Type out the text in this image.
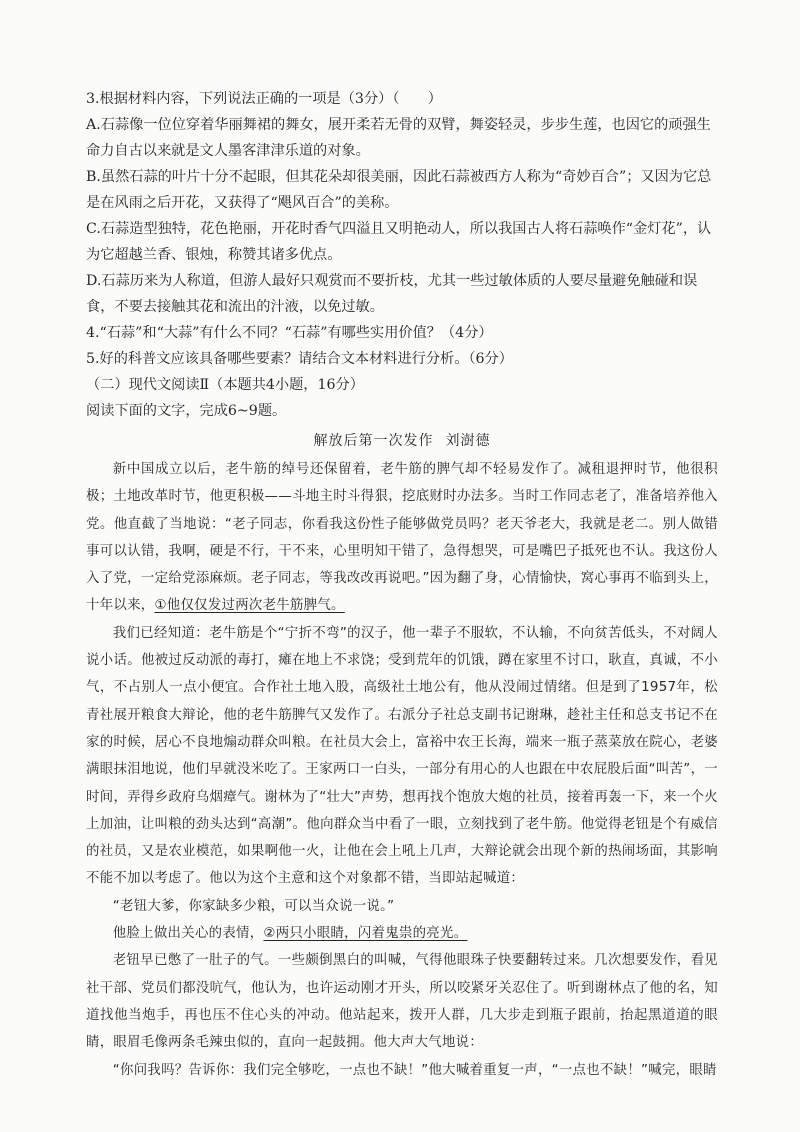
3.根据材料内容，下列说法正确的一项是（3分）（　　）

A.石蒜像一位位穿着华丽舞裙的舞女，展开柔若无骨的双臂，舞姿轻灵，步步生莲，也因它的顽强生命力自古以来就是文人墨客津津乐道的对象。

B.虽然石蒜的叶片十分不起眼，但其花朵却很美丽，因此石蒜被西方人称为“奇妙百合”；又因为它总是在风雨之后开花，又获得了“飓风百合”的美称。

C.石蒜造型独特，花色艳丽，开花时香气四溢且又明艳动人，所以我国古人将石蒜唤作“金灯花”，认为它超越兰香、银烛，称赞其诸多优点。

D.石蒜历来为人称道，但游人最好只观赏而不要折枝，尤其一些过敏体质的人要尽量避免触碰和误食，不要去接触其花和流出的汁液，以免过敏。

4.“石蒜”和“大蒜”有什么不同？“石蒜”有哪些实用价值？（4分）

5.好的科普文应该具备哪些要素？请结合文本材料进行分析。（6分）

（二）现代文阅读Ⅱ（本题共4小题，16分）

阅读下面的文字，完成6~9题。

解放后第一次发作 刘澍德

新中国成立以后，老牛筋的绰号还保留着，老牛筋的脾气却不轻易发作了。减租退押时节，他很积极；土地改革时节，他更积极——斗地主时斗得狠，挖底财时办法多。当时工作同志老了，准备培养他入党。他直截了当地说：“老子同志，你看我这份性子能够做党员吗？老天爷老大，我就是老二。别人做错事可以认错，我啊，硬是不行，干不来，心里明知干错了，急得想哭，可是嘴巴子抵死也不认。我这份人入了党，一定给党添麻烦。老子同志，等我改改再说吧。”因为翻了身，心情愉快，窝心事再不临到头上，十年以来，①他仅仅发过两次老牛筋脾气。

我们已经知道：老牛筋是个“宁折不弯”的汉子，他一辈子不服软，不认输，不向贫苦低头，不对阔人说小话。他被过反动派的毒打，瘫在地上不求饶；受到荒年的饥饿，蹲在家里不讨口，耿直，真诚，不小气，不占别人一点小便宜。合作社土地入股，高级社土地公有，他从没闹过情绪。但是到了1957年，松青社展开粮食大辩论，他的老牛筋脾气又发作了。右派分子社总支副书记谢琳，趁社主任和总支书记不在家的时候，居心不良地煽动群众叫粮。在社员大会上，富裕中农王长海，端来一瓶子蒸菜放在院心，老婆满眼抹泪地说，他们早就没米吃了。王家两口一白头，一部分有用心的人也跟在中农屁股后面“叫苦”，一时间，弄得乡政府乌烟瘴气。谢林为了“壮大”声势，想再找个饱放大炮的社员，接着再轰一下，来一个火上加油，让叫粮的劲头达到“高潮”。他向群众当中看了一眼，立刻找到了老牛筋。他觉得老钮是个有威信的社员，又是农业模范，如果啊他一火，让他在会上吼上几声，大辩论就会出现个新的热闹场面，其影响不能不加以考虑了。他以为这个主意和这个对象都不错，当即站起喊道：

“老钮大爹，你家缺多少粮，可以当众说一说。”

他脸上做出关心的表情，②两只小眼睛，闪着鬼祟的亮光。

老钮早已憋了一肚子的气。一些颇倒黑白的叫喊，气得他眼珠子快要翻转过来。几次想要发作，看见社干部、党员们都没吭气，他认为，也许运动刚才开头，所以咬紧牙关忍住了。听到谢林点了他的名，知道找他当炮手，再也压不住心头的冲动。他站起来，拨开人群，几大步走到瓶子跟前，抬起黑道道的眼睛，眼眉毛像两条毛辣虫似的，直向一起鼓拥。他大声大气地说：

“你问我吗？告诉你：我们完全够吃，一点也不缺！”他大喊着重复一声，“一点也不缺！”喊完，眼睛
